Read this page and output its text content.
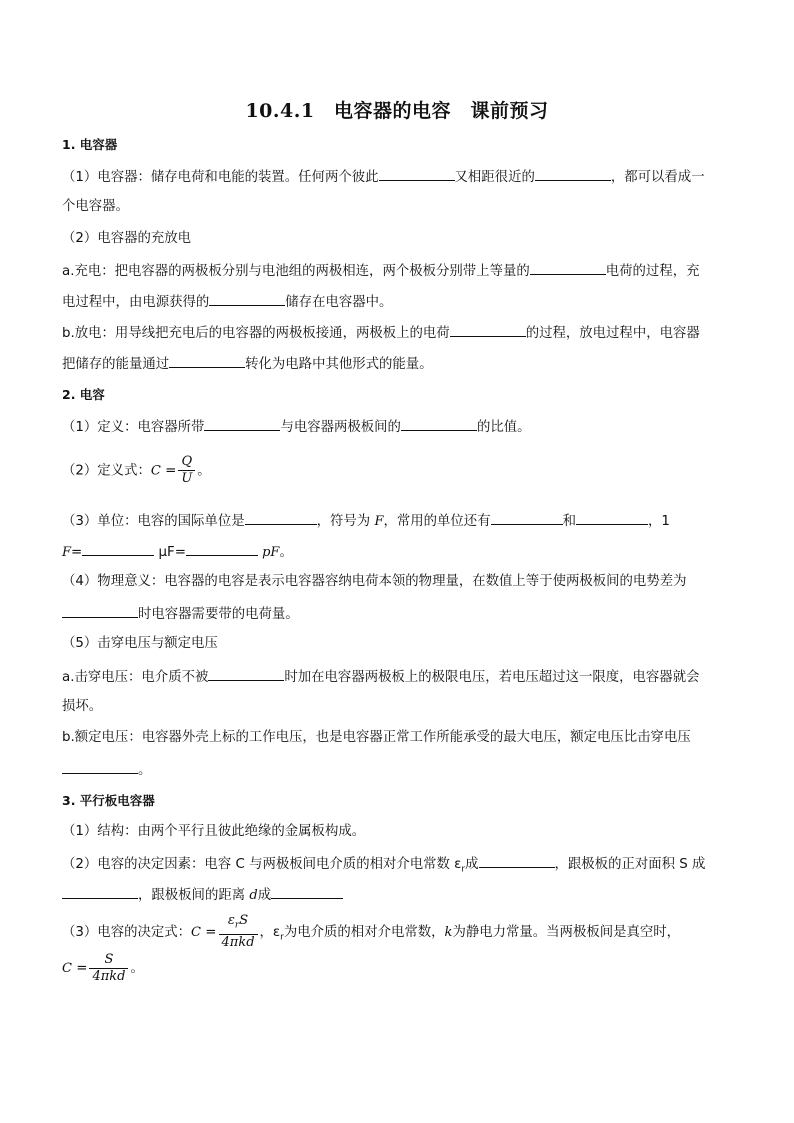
10.4.1　电容器的电容　课前预习
1. 电容器
（1）电容器：储存电荷和电能的装置。任何两个彼此	又相距很近的	，都可以看成一
个电容器。
（2）电容器的充放电
a.充电：把电容器的两极板分别与电池组的两极相连，两个极板分别带上等量的	电荷的过程，充
电过程中，由电源获得的	储存在电容器中。
b.放电：用导线把充电后的电容器的两极板接通，两极板上的电荷	的过程，放电过程中，电容器
把储存的能量通过	转化为电路中其他形式的能量。
2. 电容
（1）定义：电容器所带	与电容器两极板间的	的比值。
（2）定义式：$C = \frac{Q}{U}$ 。
（3）单位：电容的国际单位是	，符号为 F，常用的单位还有	和	，1
F=	μF=	pF。
（4）物理意义：电容器的电容是表示电容器容纳电荷本领的物理量，在数值上等于使两极板间的电势差为
时电容器需要带的电荷量。
（5）击穿电压与额定电压
a.击穿电压：电介质不被	时加在电容器两极板上的极限电压，若电压超过这一限度，电容器就会
损坏。
b.额定电压：电容器外壳上标的工作电压，也是电容器正常工作所能承受的最大电压，额定电压比击穿电压
。
3. 平行板电容器
（1）结构：由两个平行且彼此绝缘的金属板构成。
（2）电容的决定因素：电容 C 与两极板间电介质的相对介电常数 $\varepsilon_r$成	，跟极板的正对面积 S 成
，跟极板间的距离 d成
（3）电容的决定式：$C = \frac{\varepsilon_rS}{\text{4πkd}}$ ，$\varepsilon_r$为电介质的相对介电常数，k为静电力常量。当两极板间是真空时，
$C = \frac{S}{\text{4πkd}}$ 。
